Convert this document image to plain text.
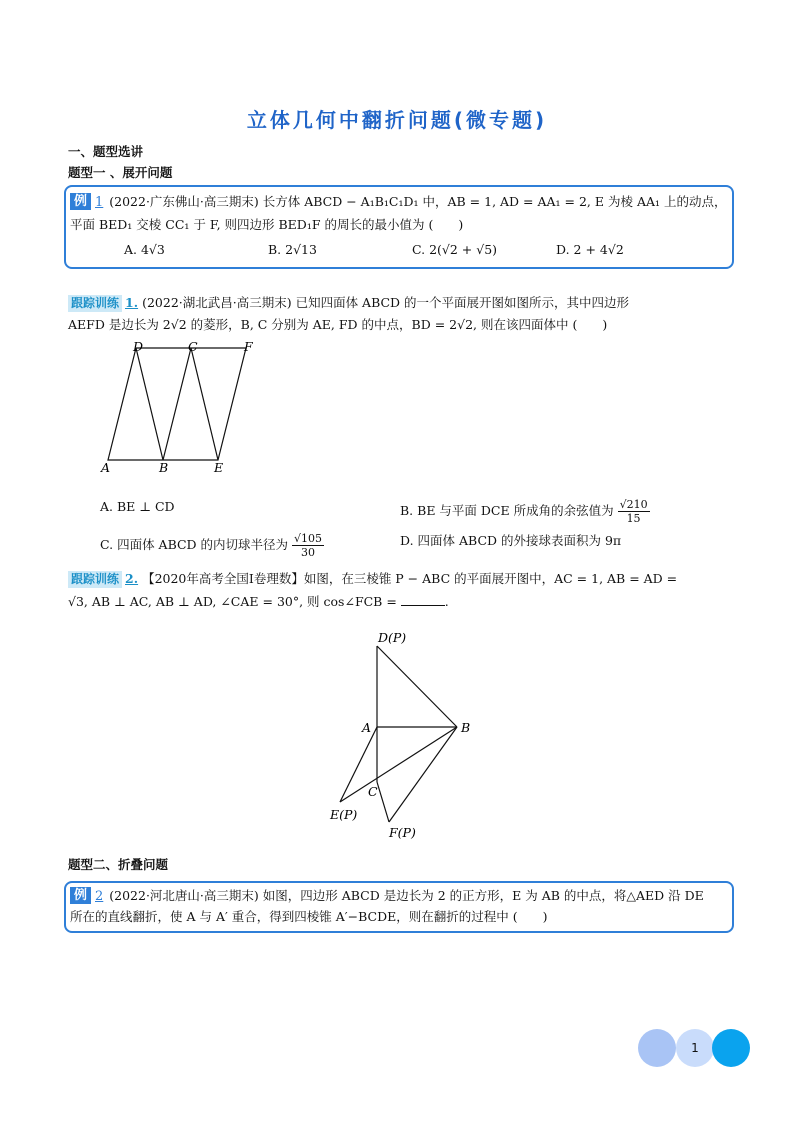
立体几何中翻折问题(微专题)
一、题型选讲
题型一 、展开问题
例 1 (2022·广东佛山·高三期末) 长方体 ABCD − A₁B₁C₁D₁ 中，AB = 1, AD = AA₁ = 2, E 为棱 AA₁ 上的动点，
平面 BED₁ 交棱 CC₁ 于 F, 则四边形 BED₁F 的周长的最小值为 (　　)
A. 4√3	B. 2√13	C. 2(√2 + √5)	D. 2 + 4√2
跟踪训练 1. (2022·湖北武昌·高三期末) 已知四面体 ABCD 的一个平面展开图如图所示，其中四边形
AEFD 是边长为 2√2 的菱形，B, C 分别为 AE, FD 的中点，BD = 2√2, 则在该四面体中 (　　)
D	C	F
A	B	E
A. BE ⊥ CD	B. BE 与平面 DCE 所成角的余弦值为 $\frac{√210}{15}$
C. 四面体 ABCD 的内切球半径为 $\frac{√105}{30}$	D. 四面体 ABCD 的外接球表面积为 9π
跟踪训练 2. 【2020年高考全国Ⅰ卷理数】如图，在三棱锥 P − ABC 的平面展开图中，AC = 1, AB = AD =
√3, AB ⊥ AC, AB ⊥ AD, ∠CAE = 30°, 则 cos∠FCB =	.
D(P)
A	B
C
E(P)
F(P)
题型二、折叠问题
例 2 (2022·河北唐山·高三期末) 如图，四边形 ABCD 是边长为 2 的正方形，E 为 AB 的中点，将△AED 沿 DE
所在的直线翻折，使 A 与 A′ 重合，得到四棱锥 A′−BCDE，则在翻折的过程中 (　　)
1
